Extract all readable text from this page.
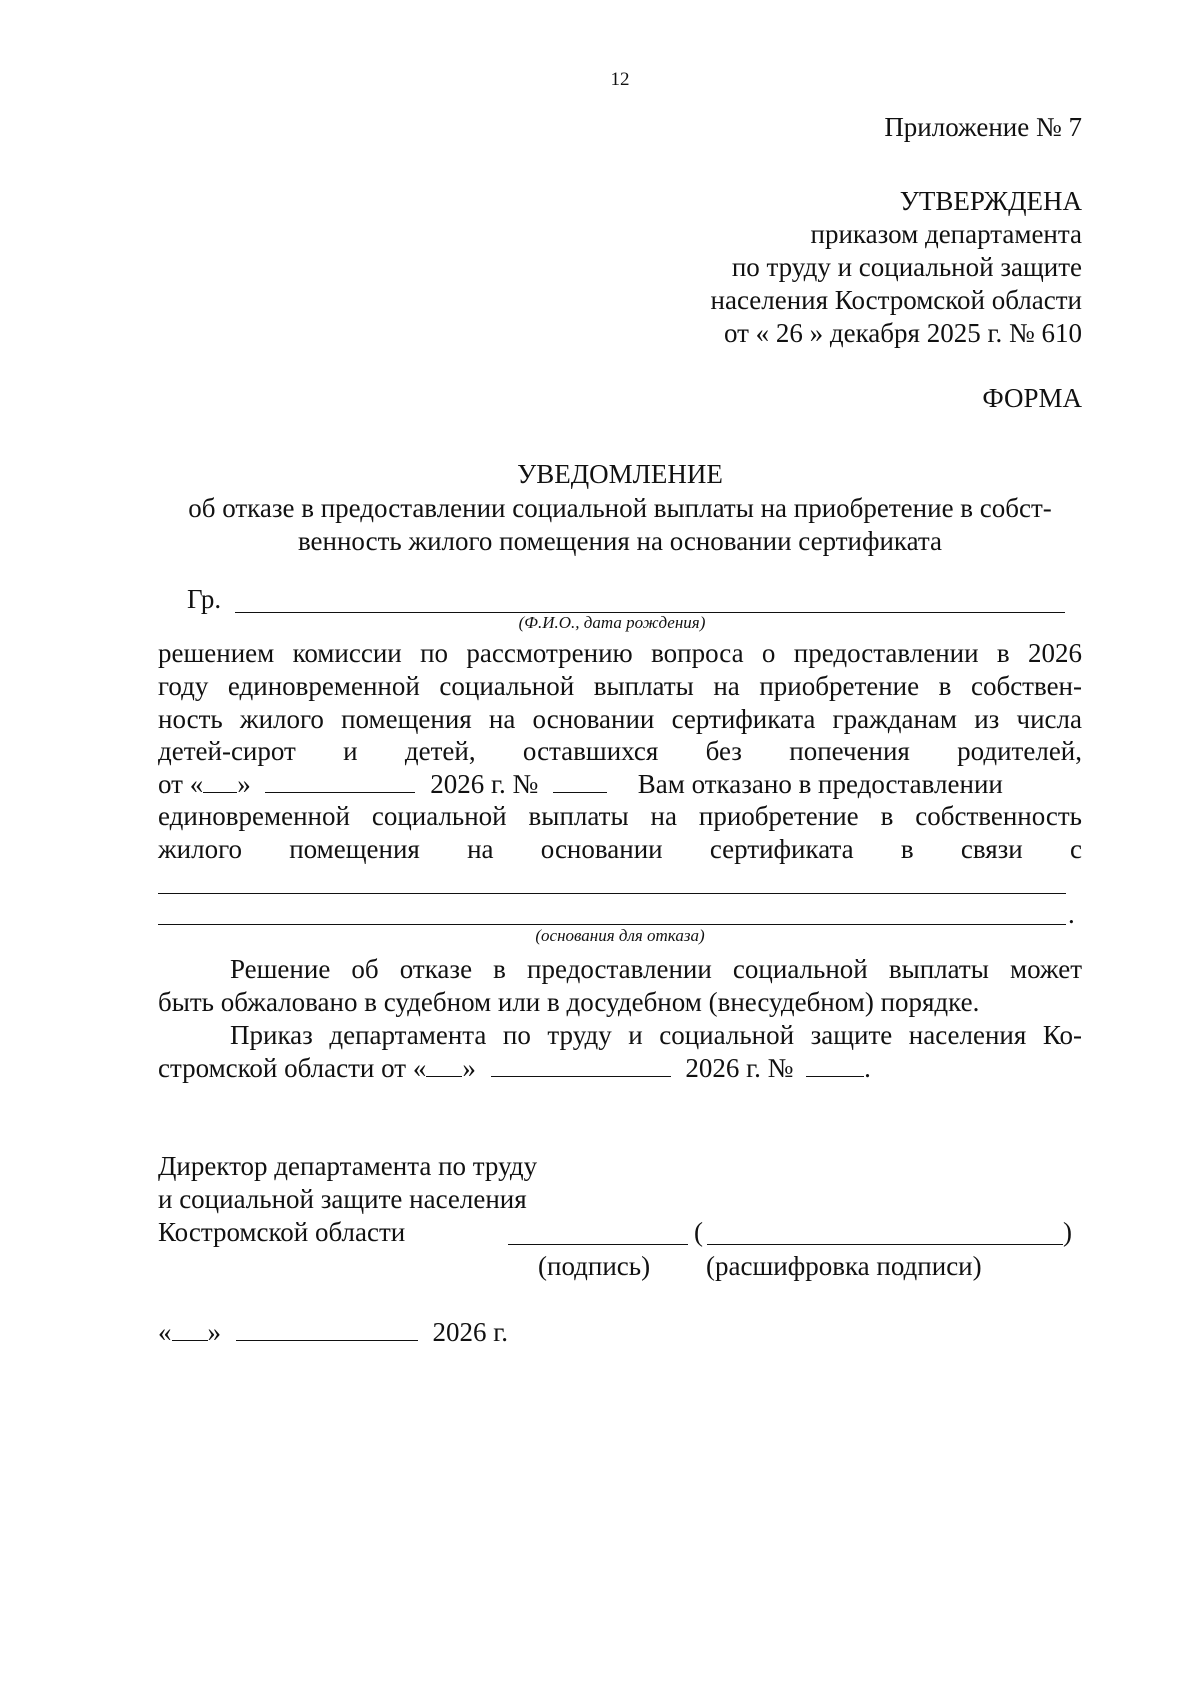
12
Приложение № 7
УТВЕРЖДЕНА
приказом департамента
по труду и социальной защите
населения Костромской области
от « 26 » декабря 2025 г. № 610
ФОРМА
УВЕДОМЛЕНИЕ
об отказе в предоставлении социальной выплаты на приобретение в собст-
венность жилого помещения на основании сертификата
Гр.
(Ф.И.О., дата рождения)
решением комиссии по рассмотрению вопроса о предоставлении в 2026
году единовременной социальной выплаты на приобретение в собствен-
ность жилого помещения на основании сертификата гражданам из числа
детей-сирот и детей, оставшихся без попечения родителей,
от « »	2026 г. №	Вам отказано в предоставлении
единовременной социальной выплаты на приобретение в собственность
жилого помещения на основании сертификата в связи с
.
(основания для отказа)
Решение об отказе в предоставлении социальной выплаты может
быть обжаловано в судебном или в досудебном (внесудебном) порядке.
Приказ департамента по труду и социальной защите населения Ко-
стромской области от « »	2026 г. №	.
Директор департамента по труду
и социальной защите населения
Костромской области	(	)
(подпись) (расшифровка подписи)
« »	2026 г.
